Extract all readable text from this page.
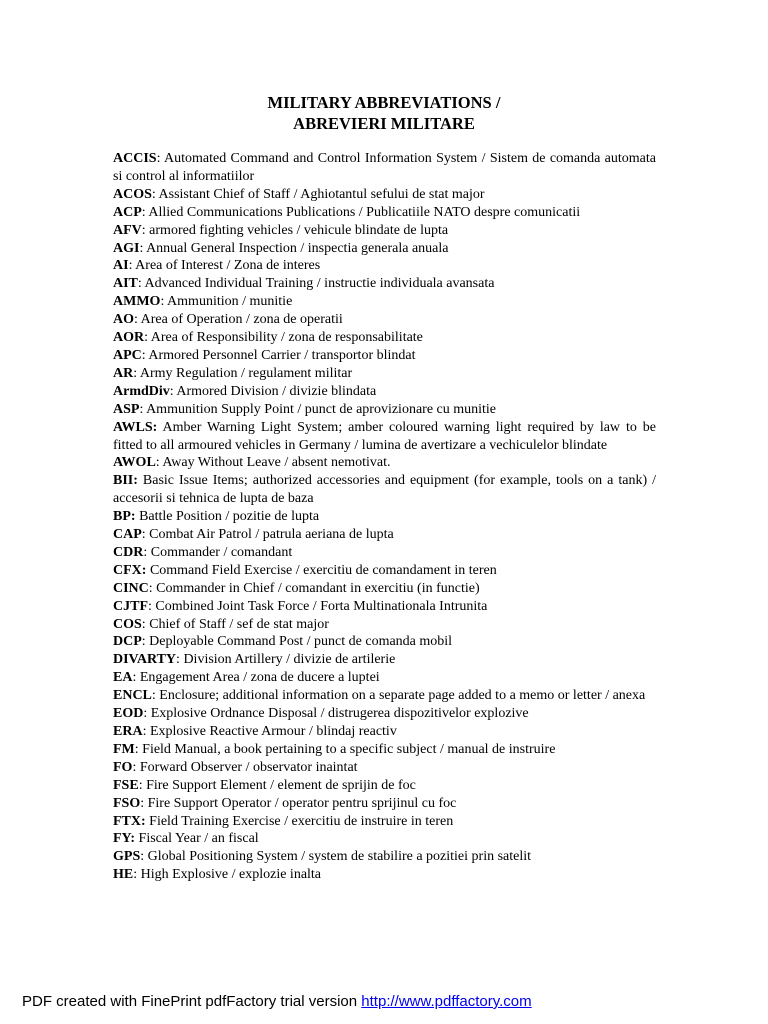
MILITARY ABBREVIATIONS /
ABREVIERI MILITARE
ACCIS: Automated Command and Control Information System / Sistem de comanda automata si control al informatiilor
ACOS: Assistant Chief of Staff / Aghiotantul sefului de stat major
ACP: Allied Communications Publications / Publicatiile NATO despre comunicatii
AFV: armored fighting vehicles / vehicule blindate de lupta
AGI: Annual General Inspection / inspectia generala anuala
AI: Area of Interest / Zona de interes
AIT: Advanced Individual Training / instructie individuala avansata
AMMO: Ammunition / munitie
AO: Area of Operation / zona de operatii
AOR: Area of Responsibility / zona de responsabilitate
APC: Armored Personnel Carrier / transportor blindat
AR: Army Regulation / regulament militar
ArmdDiv: Armored Division / divizie blindata
ASP: Ammunition Supply Point / punct de aprovizionare cu munitie
AWLS: Amber Warning Light System; amber coloured warning light required by law to be fitted to all armoured vehicles in Germany / lumina de avertizare a vechiculelor blindate
AWOL: Away Without Leave / absent nemotivat.
BII: Basic Issue Items; authorized accessories and equipment (for example, tools on a tank) / accesorii si tehnica de lupta de baza
BP: Battle Position / pozitie de lupta
CAP: Combat Air Patrol / patrula aeriana de lupta
CDR: Commander / comandant
CFX: Command Field Exercise / exercitiu de comandament in teren
CINC: Commander in Chief / comandant in exercitiu (in functie)
CJTF: Combined Joint Task Force / Forta Multinationala Intrunita
COS: Chief of Staff / sef de stat major
DCP: Deployable Command Post / punct de comanda mobil
DIVARTY: Division Artillery / divizie de artilerie
EA: Engagement Area / zona de ducere a luptei
ENCL: Enclosure; additional information on a separate page added to a memo or letter / anexa
EOD: Explosive Ordnance Disposal / distrugerea dispozitivelor explozive
ERA: Explosive Reactive Armour / blindaj reactiv
FM: Field Manual, a book pertaining to a specific subject / manual de instruire
FO: Forward Observer / observator inaintat
FSE: Fire Support Element / element de sprijin de foc
FSO: Fire Support Operator / operator pentru sprijinul cu foc
FTX: Field Training Exercise / exercitiu de instruire in teren
FY: Fiscal Year / an fiscal
GPS: Global Positioning System / system de stabilire a pozitiei prin satelit
HE: High Explosive / explozie inalta
PDF created with FinePrint pdfFactory trial version http://www.pdffactory.com
